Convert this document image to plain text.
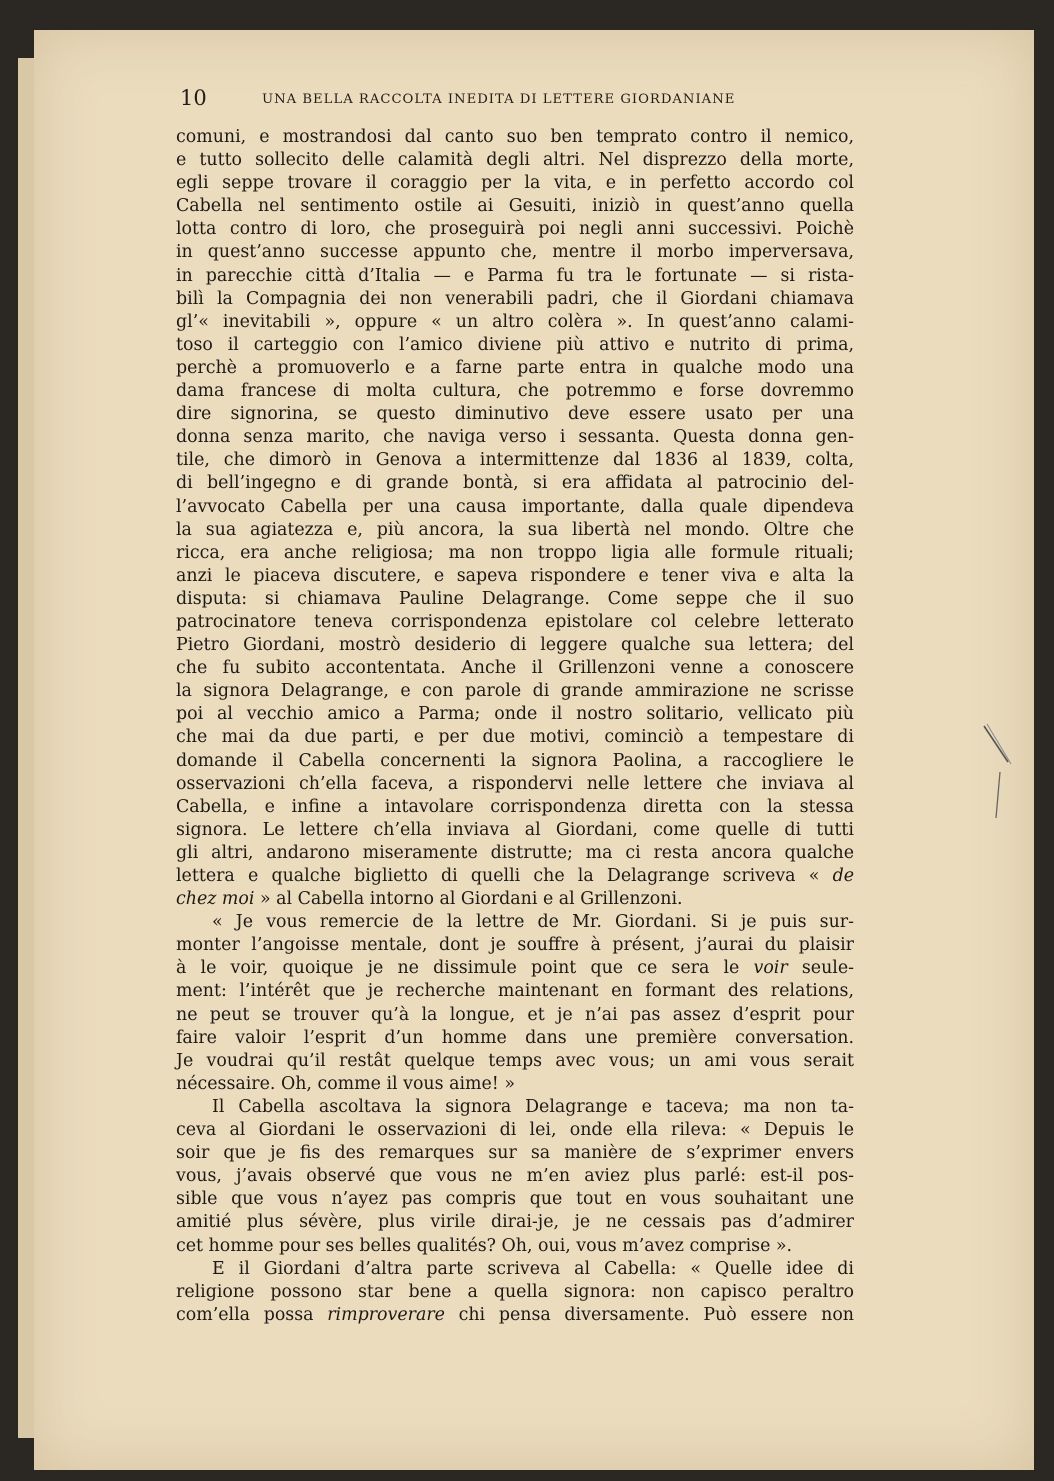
10	UNA BELLA RACCOLTA INEDITA DI LETTERE GIORDANIANE
comuni, e mostrandosi dal canto suo ben temprato contro il nemico,
e tutto sollecito delle calamità degli altri. Nel disprezzo della morte,
egli seppe trovare il coraggio per la vita, e in perfetto accordo col
Cabella nel sentimento ostile ai Gesuiti, iniziò in quest’anno quella
lotta contro di loro, che proseguirà poi negli anni successivi. Poichè
in quest’anno successe appunto che, mentre il morbo imperversava,
in parecchie città d’Italia — e Parma fu tra le fortunate — si rista-
bilì la Compagnia dei non venerabili padri, che il Giordani chiamava
gl’« inevitabili », oppure « un altro colèra ». In quest’anno calami-
toso il carteggio con l’amico diviene più attivo e nutrito di prima,
perchè a promuoverlo e a farne parte entra in qualche modo una
dama francese di molta cultura, che potremmo e forse dovremmo
dire signorina, se questo diminutivo deve essere usato per una
donna senza marito, che naviga verso i sessanta. Questa donna gen-
tile, che dimorò in Genova a intermittenze dal 1836 al 1839, colta,
di bell’ingegno e di grande bontà, si era affidata al patrocinio del-
l’avvocato Cabella per una causa importante, dalla quale dipendeva
la sua agiatezza e, più ancora, la sua libertà nel mondo. Oltre che
ricca, era anche religiosa; ma non troppo ligia alle formule rituali;
anzi le piaceva discutere, e sapeva rispondere e tener viva e alta la
disputa: si chiamava Pauline Delagrange. Come seppe che il suo
patrocinatore teneva corrispondenza epistolare col celebre letterato
Pietro Giordani, mostrò desiderio di leggere qualche sua lettera; del
che fu subito accontentata. Anche il Grillenzoni venne a conoscere
la signora Delagrange, e con parole di grande ammirazione ne scrisse
poi al vecchio amico a Parma; onde il nostro solitario, vellicato più
che mai da due parti, e per due motivi, cominciò a tempestare di
domande il Cabella concernenti la signora Paolina, a raccogliere le
osservazioni ch’ella faceva, a rispondervi nelle lettere che inviava al
Cabella, e infine a intavolare corrispondenza diretta con la stessa
signora. Le lettere ch’ella inviava al Giordani, come quelle di tutti
gli altri, andarono miseramente distrutte; ma ci resta ancora qualche
lettera e qualche biglietto di quelli che la Delagrange scriveva « de
chez moi » al Cabella intorno al Giordani e al Grillenzoni.
« Je vous remercie de la lettre de Mr. Giordani. Si je puis sur-
monter l’angoisse mentale, dont je souffre à présent, j’aurai du plaisir
à le voir, quoique je ne dissimule point que ce sera le voir seule-
ment: l’intérêt que je recherche maintenant en formant des relations,
ne peut se trouver qu’à la longue, et je n’ai pas assez d’esprit pour
faire valoir l’esprit d’un homme dans une première conversation.
Je voudrai qu’il restât quelque temps avec vous; un ami vous serait
nécessaire. Oh, comme il vous aime! »
Il Cabella ascoltava la signora Delagrange e taceva; ma non ta-
ceva al Giordani le osservazioni di lei, onde ella rileva: « Depuis le
soir que je fis des remarques sur sa manière de s’exprimer envers
vous, j’avais observé que vous ne m’en aviez plus parlé: est-il pos-
sible que vous n’ayez pas compris que tout en vous souhaitant une
amitié plus sévère, plus virile dirai-je, je ne cessais pas d’admirer
cet homme pour ses belles qualités? Oh, oui, vous m’avez comprise ».
E il Giordani d’altra parte scriveva al Cabella: « Quelle idee di
religione possono star bene a quella signora: non capisco peraltro
com’ella possa rimproverare chi pensa diversamente. Può essere non
